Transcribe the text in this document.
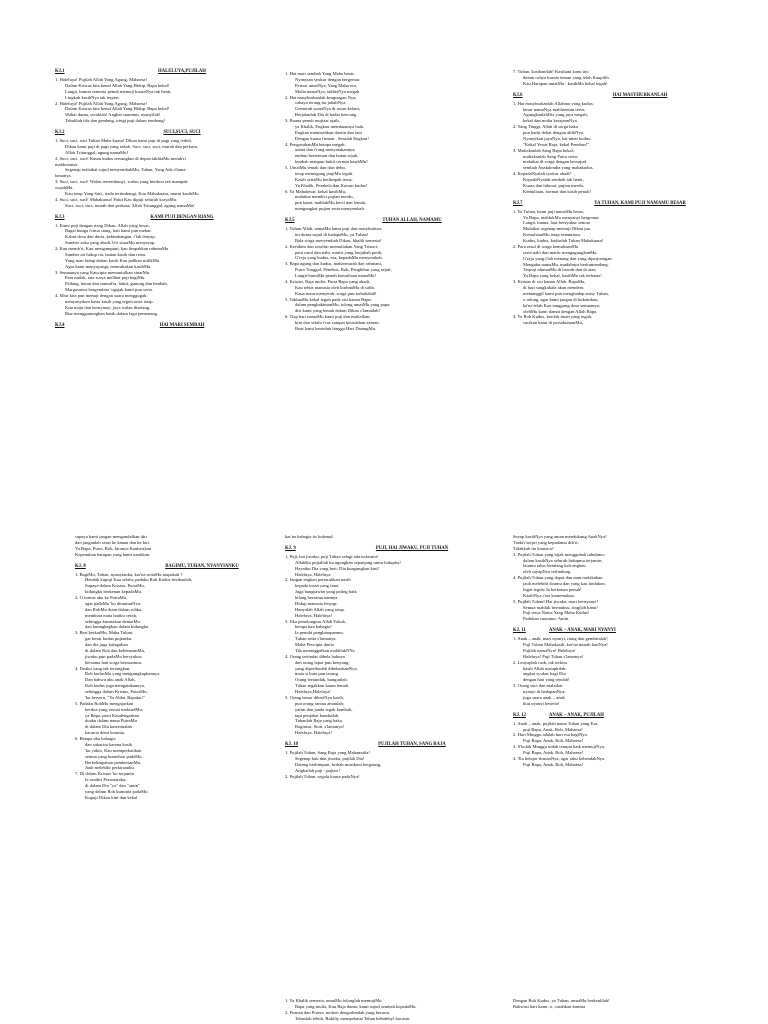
KJ.1	HALELUYA,PUJILAH
1. Haleluya! Pujilah Allah Yang Agung, Mahaesa!
Dalam Kristus kita kenal Allah Yang Hidup, Bapa kekal!
Langit, bumia semesta penuh memuji kuasaNya tak henti,
Lingkah kasihNya tak terperi.
2. Haleluya! Pujilah Allah Yang Agung, Mahaesa!
Dalam Kristus kita kenal Allah Yang Hidup, Bapa kekal!
Wahai dunia, soraklah! Angkat suaramu, nyanyilah!
Tabuhlah tifa dan gendang, iringi puji dalam tembang!
KJ.2	SUCI,SUCI, SUCI
1. Suci, suci, suci Tuhan Maha kuasa! Dikau kami puji di pagi yang teduh.
Dikau kami puji di pagi yang teduh. Suci, suci, suci, murah dan perkasa,
Allah Tritunggal, agung namaMu!
2. Suci, suci, suci! Kaum kudus tersungkur di depan takhtaMu memb'ri
mahkotanya
Segenap malaikat sujud menyembahMu, Tuhan, Yang Ada s'lama-
lamanya.
3. Suci, suci, suci! Walau tersembunyi, walau yang berdosa tak mampak
wajahMu,
Kau tetap Yang Suci, tiada tertimbangi, Kau Mahakuasa, murni kasihMu
4. Suci, suci, suci! Mahakuasa! Patut Kau dipuji seluruh karyaMu.
Suci, suci, suci, murah dan perkasa, Allah Tritunggal, agung namaMu!
KJ.3	KAMI PUJI DENGAN RIANG
1. Kami puji dengan riang Dikau, Allah yang besar;
Bagai bunga t'rima siang, hati kami pun mekar.
Kabut dosa dan duria, kebimbangan, t'lah lenyap.
Sumber suka yang abadi, b'ri sinarMu menyerap.
2. Kau memb'ri, Kau mengampuni, kau limpahkan rahmatMu
Sumber air hidup ria, lautan kasih dan restu.
Yang mau hidup dalam kasih Kau jadikan milikMu
Agar kami menyayangi, memuliakan kasihMu.
3. Semuanya yang Kaucipta memantulkan sinarMu.
Para malak, tata surya melihat puji bagiMu.
Padang, hutan dan samud'ra, bukit, gunung dan lembah,
Margasatwa bergembira 'ngajak kami pun serta.
4. Mari kita pun menuji dengan suara menggugah,
menyanyikan kasta kasih yang teguh serta tetap.
Kita maju dan bernyanyi, jaya walau disetang,
Biar menggunungkan kasih dalam lagu pemenang.
KJ.4	HAI MARI SEMBAH
1. Hai mari sembah Yang Maha besar,
Nyanyian syukur dengan bergemar.
Perisai umatNya, Yang Maha esa,
Mulia namaNya, takhtaNya megah
2. Hai masyhurkanlah keagungan Nya;
cahaya terang itu jubahNya.
Gemuruh suaraNya di awan kelam;
Berjalanlah Dia di badai kencang.
3. Buana penuh mujizat ajaib,
ya Khalik, Engkau membuatnya baik.
Engkau memisahkan daratn dan laut
Dengan kuasa firman : Seazlah Engkau!
4. PengasuhanMu betapa megah:
udara dan t'rang menyatakannya,
embun bertetesan dan hutan sejuk,
lembah maupun bukit cermin kasihMu!
5. UmatMu lemah dan dari debu,
tetap memegang janjiMu teguh.
Kasih setiaMu berlimpah terus,
Ya Khalik, Pembela dan Kawan kudus!
6. Ya Mahabesar, kekal kasihMu,
malaikat memb'ri pujian merdu,
pun kami, mahlukMu kecil dan lemah,
mengungkat pujian serta menyembah.
KJ.5	TUHAN ALLAH, NAMAMU
1. Tuhan Allah, namaMu kami puji dan masyhurkan;
ini dunia sujud di hadapaMu, ya Tuhan!
Bala sorga menyembah Dikau, khalik semesta!
2. Kerubim dan serafim memuliakan Yang Trisuci;
para rasul dan nabi, martir yang berjubah putih,
G'reja yang kudus, esa, kepadaMu menyembah.
3. Bapa agung dan kudus, maharmurah dan rahmani,
Putra Tunggal, Penebus, Roh, Penghibur yang sejati,
Langit-bumiMu penuh kemuliaan namaMu!
4. Kristus, Raja mulia, Putra Bapa yang abadi,
Kau tebus manusia oleh kurbanMu di salib.
Kaua maut menyerah, sorga pun terbukalah!
5. TakhtaMu kekal teguh pada sisi kanan Bapa;
dalam penghakimanMu, tolong umatMu yang papa:
diri kami yang lemah dalam Dikau s'lamatlah!
6. Tiap hari namaMu kami puji dan mulialkan,
kini dan selalu t'rus sampai kesudahan zaman.
Buat kami berteduh hingga Hari DatangMu.
7. Tuhan, kasihanilah! Kasihani kami ini;
dalam cahya kurnia teman yang telah Kaupilih.
Kau Harapan umatMu : kasihMu kekal teguh!
KJ.6	HAI MASYHURKANLAH
1. Hai masyhurkanlah Allahmu yang kudus:
besar namaNya mahluentun terus.
AgungkanlahDia yang jaya megah;
kekal dan mulia kerajaanNya.
2. Yang Tinggi, Allah di sorga baka
pun hadir dekat dengan ablitNya.
Nyanyikan jayaNya, hai umat kudus:
"Kekal Yesus Raja, kekal Penebus!"
3. Muliakanlah Sang Bapa kekal;
muliakanlah Sang Putra serta;
malaikat di sorga dengan bersujud
sembah Anakdomba yang mahakudus.
4. KepadaNyalah syukur abadi!
KepadaNyalah sembah tak henti,
Kuasa dan hikmat, pujian merdu,
Kemuliaan, hormat dan kasih penuh!
KJ.7	YA TUHAN, KAMI PUJI NAMAMU BESAR
1. Ya Tuhan, kami puji namaMu besar,
Ya Bapa, mahlukMu menyanyi bergemar.
Langit, buana, laut bersyukur semua
Mulaikat segenap memuji Dikau jua.
KemuliaanMu tetap senantiasa.
Kudus, kudus, kuduslah Tuhan Mahakuasa!
2. Para rasul di sorga kemuliaanMu
serta nabi dan martir mengagungkanMu.
G'reja yang t'lah menang dan yang diperjuangan
Mengaku namaMu, mudahnya berkumandang.
Terpuji nhimatMu di bawah dan di atas;
Ya Bapa yang kekal, kasihMu tak terbatas!
3. Kristus di sisi kanan Allah, BapaMu,
di hari sangkakala akan menderu
memanggil kami pun menghadap arasy Tuhan,
o tolong, agar kami jangan di hukumkan,
ka'ne telah Kau tanggung dosa semuanya;
olehMu kami damai dengan Allah Bapa.
4. Ya Roh Kudus, berilah iman yang teguh,
sucikan kami di persekutuanMu,
supaya kami jangan mengandalkan diri
dan janganlah sesat ke kanan dan ke kiri.
Ya Bapa, Putra, Roh, kiranya Kauberikan
Kepenuhan harapan yang kami nantikan.
KJ. 8	BAGIMU, TUHAN, NYANYIANKU
1. BagiMu, Tuhan, nyanyianku, kar'na setiaMu niapakah ?
Hendak kupuji Kau selalu; padaku Roh Kudus berikanlah,
Supaya dalam Kristus, PutraMu,
kidungku berkenan kepadaMu.
2. O turnus aku ke PutraMu,
agar padaMu 'ku dituntunNya:
dan RohMu diam dalam rohku,
membuat mata batiku cerah,
sehingga kurasakan damaiMu
dan kuungkapkan dalam kidungku
3. Beri berkatMu, Maha Tuhan,
gar besar kudus pujianku,
dan dia juga kulagukan
di dalam Roh dan kebenaranMu,
jiwaku pun padaMu bersyukur,
bersama hati sorga bermasmur.
4. Doaku yang tak tertangkan,
Roh kudusMu yang mengungkapkannya
Dan bahwa aku anak Allah,
Roh kudus juga mengatakannya,
sehingga dalam Kristus, PutraMu,
'ku berseru, "Ya Abba, Bapaku!"
5. Padaku RohMu mengajarkan
berdoa yang sesuai maksudMu;
ya Bapa, pasti Kaudengarkan
doaku dalam nama PutraMu
di dalam Dia kuterimalah
karunia demi karunia.
6. Betapa aku bahagia
dan sukacita karena kasih
'ku yakin, Kau memperhatikan
semua yang kumohon padaMu.
Berkelimpahan pemberianMu,
Jauh melebihi perkiraanku.
7. Di dalam Kristus 'ku terjamin
Ia sendiri Perantaraku;
di dalam Dia "ya" dan "amin"
yang dalam Roh kuminta padaMu
Kupuji Dikau kini dan kekal
kar'na bahagia tis kukenal.
KJ. 9	PUJI, HAI JIWAKU, PUJI TUHAN
1. Puji, hai jiwaku, puji Tuhan selagi ada nafasmu!
AllahKu pujiallah ku agungkan sepanjang umur hidupku!
Hayatku Dia yang beri: Dia kuagungkan kini!
Haleluya, Haleluya
2. Jangan engkau pertaruhkan nasib
kepada insan yang fana.
Juga bangsawan yang paling baik
hilang bersama nannya.
Hidup manusia lenyap;
Hanyalah Allah yang tetap.
Haleluya, Haleluya!
3. Jika penolongmu Allah Yakub,
betapa kau bahagia!
Ia penuhi pengharapanmu,
Tuhan setia s'lamanya.
Maha Pencipta dunia
Tak meninggalkan makhlukNYa.
4. Orang tertindas dibela haknya
dan orang lapar pun kenyang;
yang dipertbudak dibebaskanNya,
mata si buta pun terang.
Orang tertunduk, bangunlah:
Tuhan tegakkan kaum lemah.
Haleluya,Haleluya!
5. Orang benar dihertNya kasih,
pun orang rantau amanlah;
yatim dan janda tegak kembali,
tapi penjahat kandaslah.
Tuhanlah Raja yang baka,
Baginisu, Sion, s'lamanya!
Haleluya, Haleluya!
KJ. 10	PUJILAH TUHAN, SANG RAJA
1. Pujilah Tuhan, Sang Raja yang Mahamulia!
Segenap hati dan jiwaku, pujilah Dia!
Datang berhimpun, briliah musikmu bergaung,
Angkatlah puji - pujian !
2. Pujilah Tuhan, segala kuasa padaNya!
Sayap kasihNya yang aman mendukung AnakNya!
Tiada'r'an'pri yang kepadamu dib'ri;
Tidakkah itu kauraca?
3. Pujilah Tuhan yang bijak menggubah tubuhmu;
dalam kasihNya seluruh hidupmu terjamin;
lautmu tahu: betulang kali engkau
oleh sayapNya terlindung.
4. Pujilah Tuhan yang dapat dan mau melakukan
jauh melebihi doamu dan yang kau tindukan.
Ingat teguh: Ia berkenan penuh!
KasihNya t'rus kautemukan.
5. Pujilah Tuhan! Hai jiwaku, mari bernyanyi!
Semua mahluk bermaksu, ringilah kami!
Puji terus Nama Yang Maha Kudus!
Padukan suaramu: Amin.
KJ. 11	ANAK – ANAK, MARI NYANYI
1. Anak – anak, mari nyanyi, riang dan gembiralah!
Puji Tuhan Mahakasih, kar'na murah hatiNya!
Pujilah namaNya! Haleluya!
Haleluya! Puji Tuhan s'lamanya!
2. Lenyaplah rusk, tak terkira
kasih Allah matapkilah:
angkat syukur bagi Dia
dengan hati yang rendah!
3. Orang suci dan malaikat
nyanyi di hadapanNya;
juga suara anak – anak
ikut nyanyi besertа!
KJ. 12	ANAK – ANAK, PUJILAH
1. Anak – anak, pujilah nama Tuhan yang Esa,
puji Bapa, Anak, Roh, Mahaesa!
2. Hari Minggu adalah hari esa bagiNya,
Puji Bapa, Anak, Roh, Mahaesa!
3. S'kolah Minggu indah tempat baik memujiNya,
Puji Bapa, Anak, Roh, Mahaesa!
4. 'Ka belajar firmanNya, agar tahu kehendakNya.
Puji Bapa, Anak, Roh, Mahaesa!
1. Ya Khalik semesta, umatMu tolonglah memujiMu
Bapa yang mulia, Kau Raja dunia; kami sujud sembah kepadaMu.
2. Firman dan Putera, mohon dengarkanlah yang berseru.
Tebuslah tebith, Bukiliy mempehatat Tahan kebabihyl bacasm.
Dengan Roh Kudus, ya Tuhan, umatMu berkenlilah!
Bahwasi hari kami; o, curahkan karmia
